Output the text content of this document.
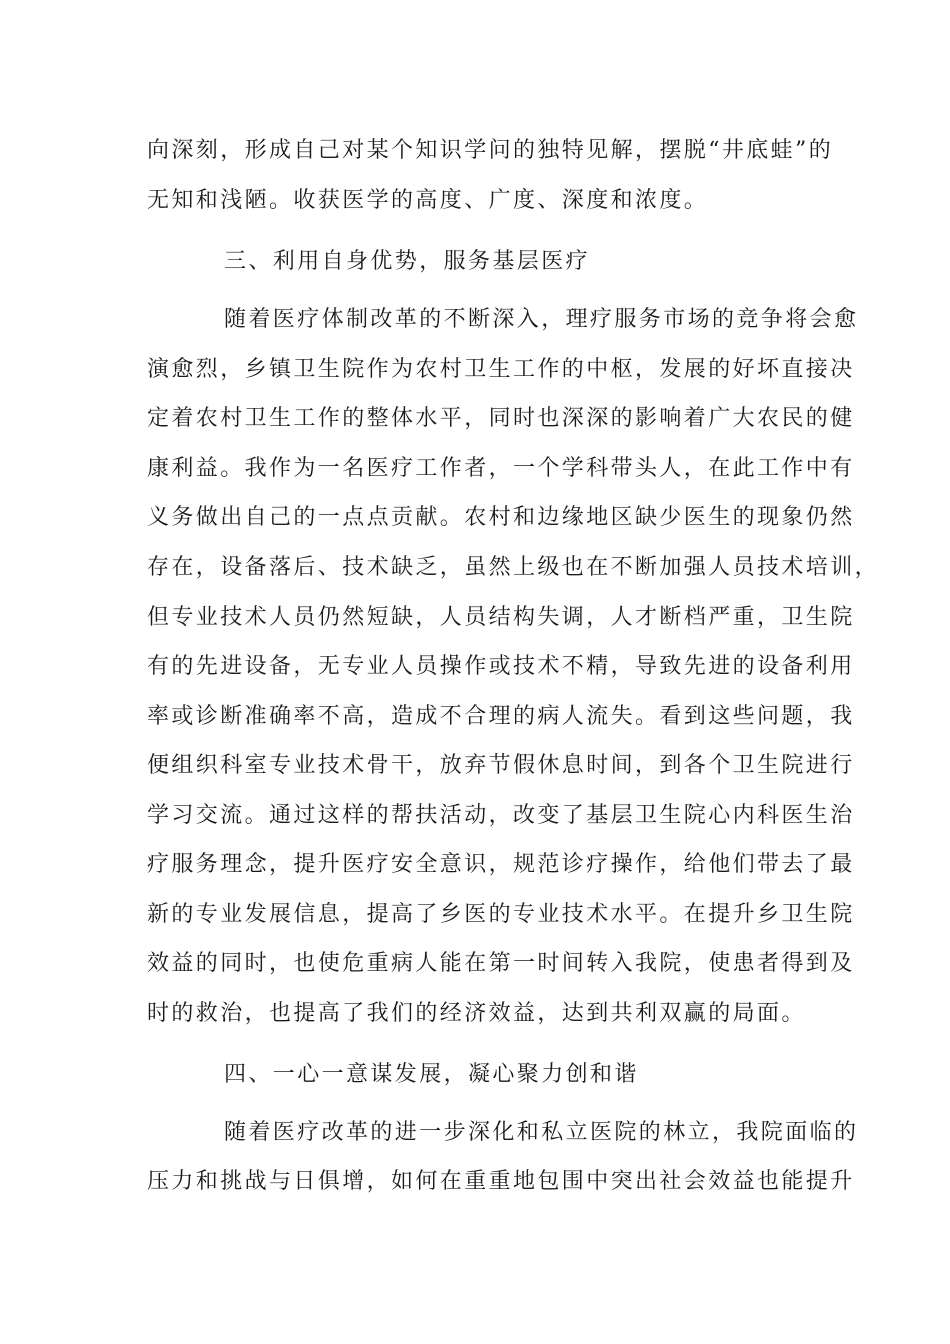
向深刻，形成自己对某个知识学问的独特见解，摆脱“井底蛙”的
无知和浅陋。收获医学的高度、广度、深度和浓度。
三、利用自身优势，服务基层医疗
随着医疗体制改革的不断深入，理疗服务市场的竞争将会愈
演愈烈，乡镇卫生院作为农村卫生工作的中枢，发展的好坏直接决
定着农村卫生工作的整体水平，同时也深深的影响着广大农民的健
康利益。我作为一名医疗工作者，一个学科带头人，在此工作中有
义务做出自己的一点点贡献。农村和边缘地区缺少医生的现象仍然
存在，设备落后、技术缺乏，虽然上级也在不断加强人员技术培训，
但专业技术人员仍然短缺，人员结构失调，人才断档严重，卫生院
有的先进设备，无专业人员操作或技术不精，导致先进的设备利用
率或诊断准确率不高，造成不合理的病人流失。看到这些问题，我
便组织科室专业技术骨干，放弃节假休息时间，到各个卫生院进行
学习交流。通过这样的帮扶活动，改变了基层卫生院心内科医生治
疗服务理念，提升医疗安全意识，规范诊疗操作，给他们带去了最
新的专业发展信息，提高了乡医的专业技术水平。在提升乡卫生院
效益的同时，也使危重病人能在第一时间转入我院，使患者得到及
时的救治，也提高了我们的经济效益，达到共利双赢的局面。
四、一心一意谋发展，凝心聚力创和谐
随着医疗改革的进一步深化和私立医院的林立，我院面临的
压力和挑战与日俱增，如何在重重地包围中突出社会效益也能提升
